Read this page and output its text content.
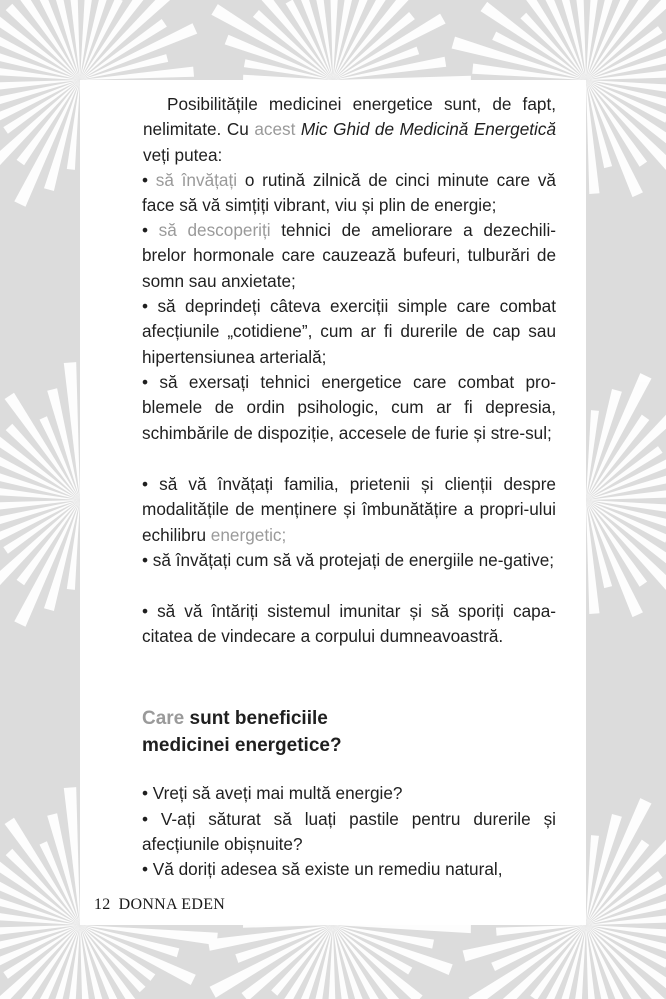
Posibilitățile medicinei energetice sunt, de fapt, nelimitate. Cu acest Mic Ghid de Medicină Energetică veți putea:

• să învățați o rutină zilnică de cinci minute care vă face să vă simțiți vibrant, viu și plin de energie;

• să descoperiți tehnici de ameliorare a dezechili-brelor hormonale care cauzează bufeuri, tulburări de somn sau anxietate;

• să deprindeți câteva exerciții simple care combat afecțiunile „cotidiene”, cum ar fi durerile de cap sau hipertensiunea arterială;

• să exersați tehnici energetice care combat pro-blemele de ordin psihologic, cum ar fi depresia, schimbările de dispoziție, accesele de furie și stre-sul;

• să vă învățați familia, prietenii și clienții despre modalitățile de menținere și îmbunătățire a propri-ului echilibru energetic;

• să învățați cum să vă protejați de energiile ne-gative;

• să vă întăriți sistemul imunitar și să sporiți capa-citatea de vindecare a corpului dumneavoastră.

Care sunt beneficiile
medicinei energetice?

• Vreți să aveți mai multă energie?

• V-ați săturat să luați pastile pentru durerile și afecțiunile obișnuite?

• Vă doriți adesea să existe un remediu natural,

12 DONNA EDEN
